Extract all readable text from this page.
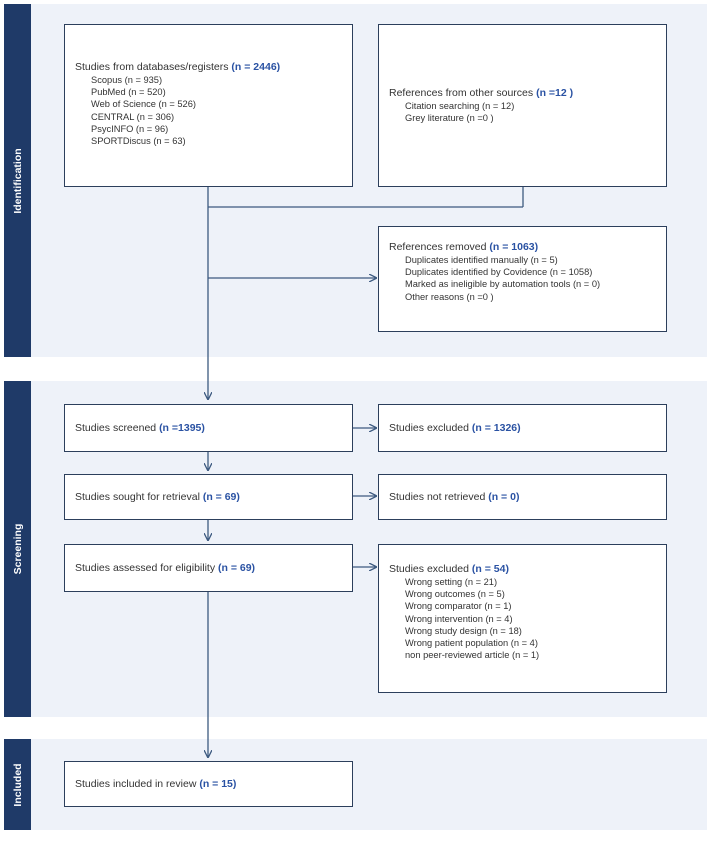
Identification
Screening
Included
Studies from databases/registers (n = 2446)
Scopus (n = 935)
PubMed (n = 520)
Web of Science (n = 526)
CENTRAL (n = 306)
PsycINFO (n = 96)
SPORTDiscus (n = 63)
References from other sources (n =12 )
Citation searching (n = 12)
Grey literature (n =0 )
References removed (n = 1063)
Duplicates identified manually (n = 5)
Duplicates identified by Covidence (n = 1058)
Marked as ineligible by automation tools (n = 0)
Other reasons (n =0 )
Studies screened (n =1395)	Studies excluded (n = 1326)
Studies sought for retrieval (n = 69)	Studies not retrieved (n = 0)
Studies assessed for eligibility (n = 69)	Studies excluded (n = 54)
Wrong setting (n = 21)
Wrong outcomes (n = 5)
Wrong comparator (n = 1)
Wrong intervention (n = 4)
Wrong study design (n = 18)
Wrong patient population (n = 4)
non peer-reviewed article (n = 1)
Studies included in review (n = 15)
